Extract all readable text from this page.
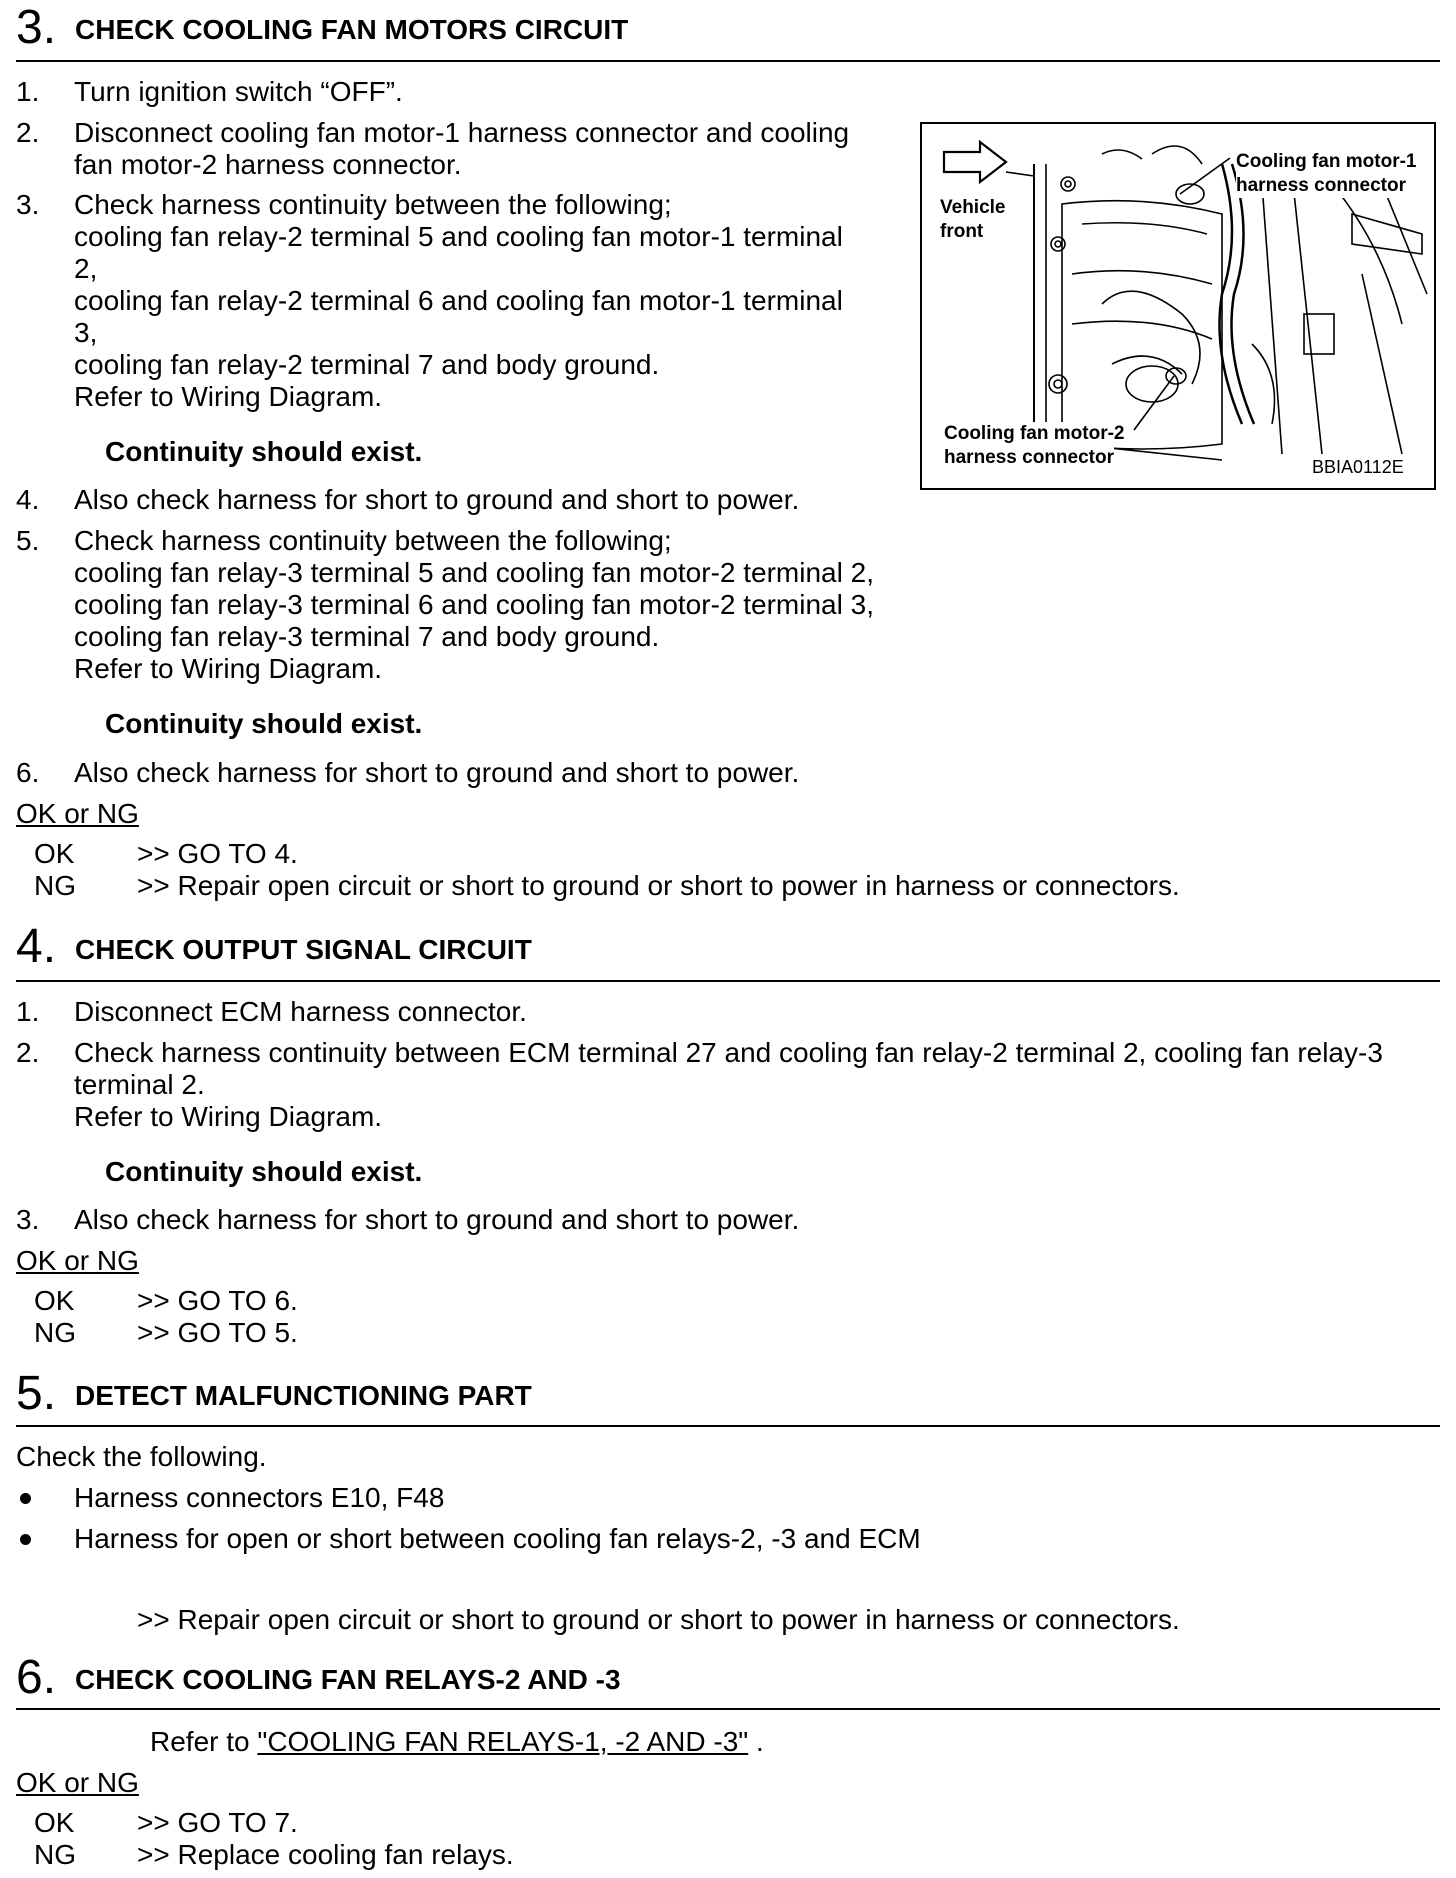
3. CHECK COOLING FAN MOTORS CIRCUIT
1. Turn ignition switch “OFF”.
2. Disconnect cooling fan motor-1 harness connector and cooling
fan motor-2 harness connector.
3. Check harness continuity between the following;
cooling fan relay-2 terminal 5 and cooling fan motor-1 terminal
2,
cooling fan relay-2 terminal 6 and cooling fan motor-1 terminal
3,
cooling fan relay-2 terminal 7 and body ground.
Refer to Wiring Diagram.
Continuity should exist.
4. Also check harness for short to ground and short to power.
5. Check harness continuity between the following;
cooling fan relay-3 terminal 5 and cooling fan motor-2 terminal 2,
cooling fan relay-3 terminal 6 and cooling fan motor-2 terminal 3,
cooling fan relay-3 terminal 7 and body ground.
Refer to Wiring Diagram.
Continuity should exist.
6. Also check harness for short to ground and short to power.
OK or NG
OK >> GO TO 4.
NG >> Repair open circuit or short to ground or short to power in harness or connectors.
Vehicle
front
Cooling fan motor-1
harness connector
Cooling fan motor-2
harness connector	BBIA0112E
4. CHECK OUTPUT SIGNAL CIRCUIT
1. Disconnect ECM harness connector.
2. Check harness continuity between ECM terminal 27 and cooling fan relay-2 terminal 2, cooling fan relay-3
terminal 2.
Refer to Wiring Diagram.
Continuity should exist.
3. Also check harness for short to ground and short to power.
OK or NG
OK >> GO TO 6.
NG >> GO TO 5.
5. DETECT MALFUNCTIONING PART
Check the following.
Harness connectors E10, F48
Harness for open or short between cooling fan relays-2, -3 and ECM
>> Repair open circuit or short to ground or short to power in harness or connectors.
6. CHECK COOLING FAN RELAYS-2 AND -3
Refer to "COOLING FAN RELAYS-1, -2 AND -3" .
OK or NG
OK >> GO TO 7.
NG >> Replace cooling fan relays.
